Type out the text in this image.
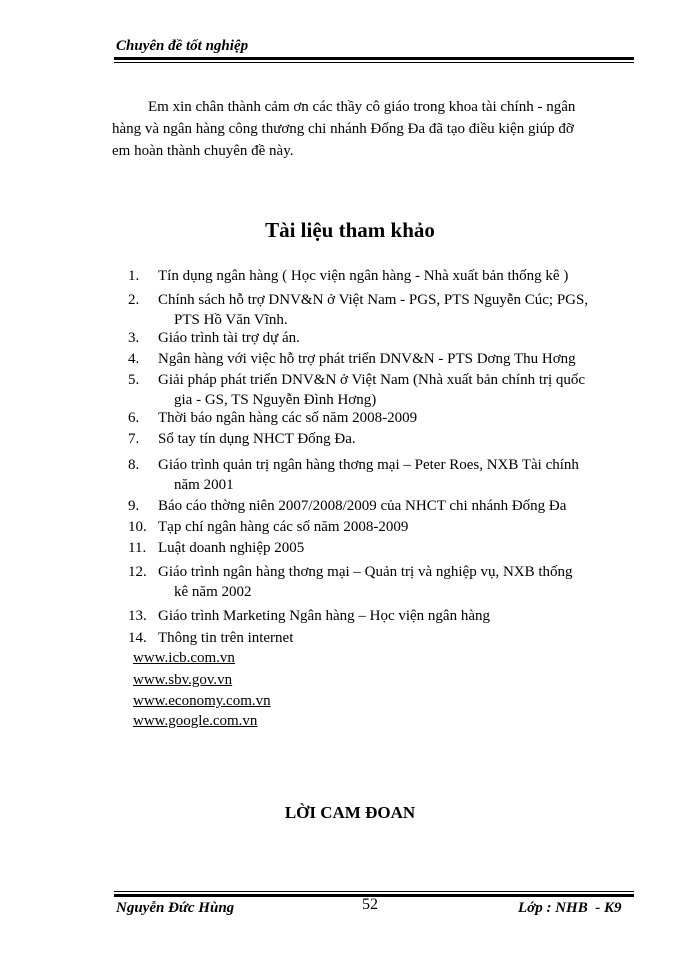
Chuyên đề tốt nghiệp

Em xin chân thành cảm ơn các thầy cô giáo trong khoa tài chính - ngân
hàng và ngân hàng công thương chi nhánh Đống Đa đã tạo điều kiện giúp đỡ
em hoàn thành chuyên đề này.

Tài liệu tham khảo
1. Tín dụng ngân hàng ( Học viện ngân hàng - Nhà xuất bản thống kê )
2. Chính sách hỗ trợ DNV&N ở Việt Nam - PGS, PTS Nguyễn Cúc; PGS,
PTS Hồ Văn Vĩnh.
3. Giáo trình tài trợ dự án.
4. Ngân hàng với việc hỗ trợ phát triển DNV&N - PTS Dơng Thu Hơng
5. Giải pháp phát triển DNV&N ở Việt Nam (Nhà xuất bản chính trị quốc
gia - GS, TS Nguyễn Đình Hơng)
6. Thời báo ngân hàng các số năm 2008-2009
7. Sổ tay tín dụng NHCT Đống Đa.
8. Giáo trình quản trị ngân hàng thơng mại – Peter Roes, NXB Tài chính
năm 2001
9. Báo cáo thờng niên 2007/2008/2009 của NHCT chi nhánh Đống Đa
10. Tạp chí ngân hàng các số năm 2008-2009
11. Luật doanh nghiệp 2005
12. Giáo trình ngân hàng thơng mại – Quản trị và nghiệp vụ, NXB thống
kê năm 2002
13. Giáo trình Marketing Ngân hàng – Học viện ngân hàng
14. Thông tin trên internet
www.icb.com.vn
www.sbv.gov.vn
www.economy.com.vn
www.google.com.vn
LỜI CAM ĐOAN
Nguyễn Đức Hùng	52	Lớp : NHB  - K9
